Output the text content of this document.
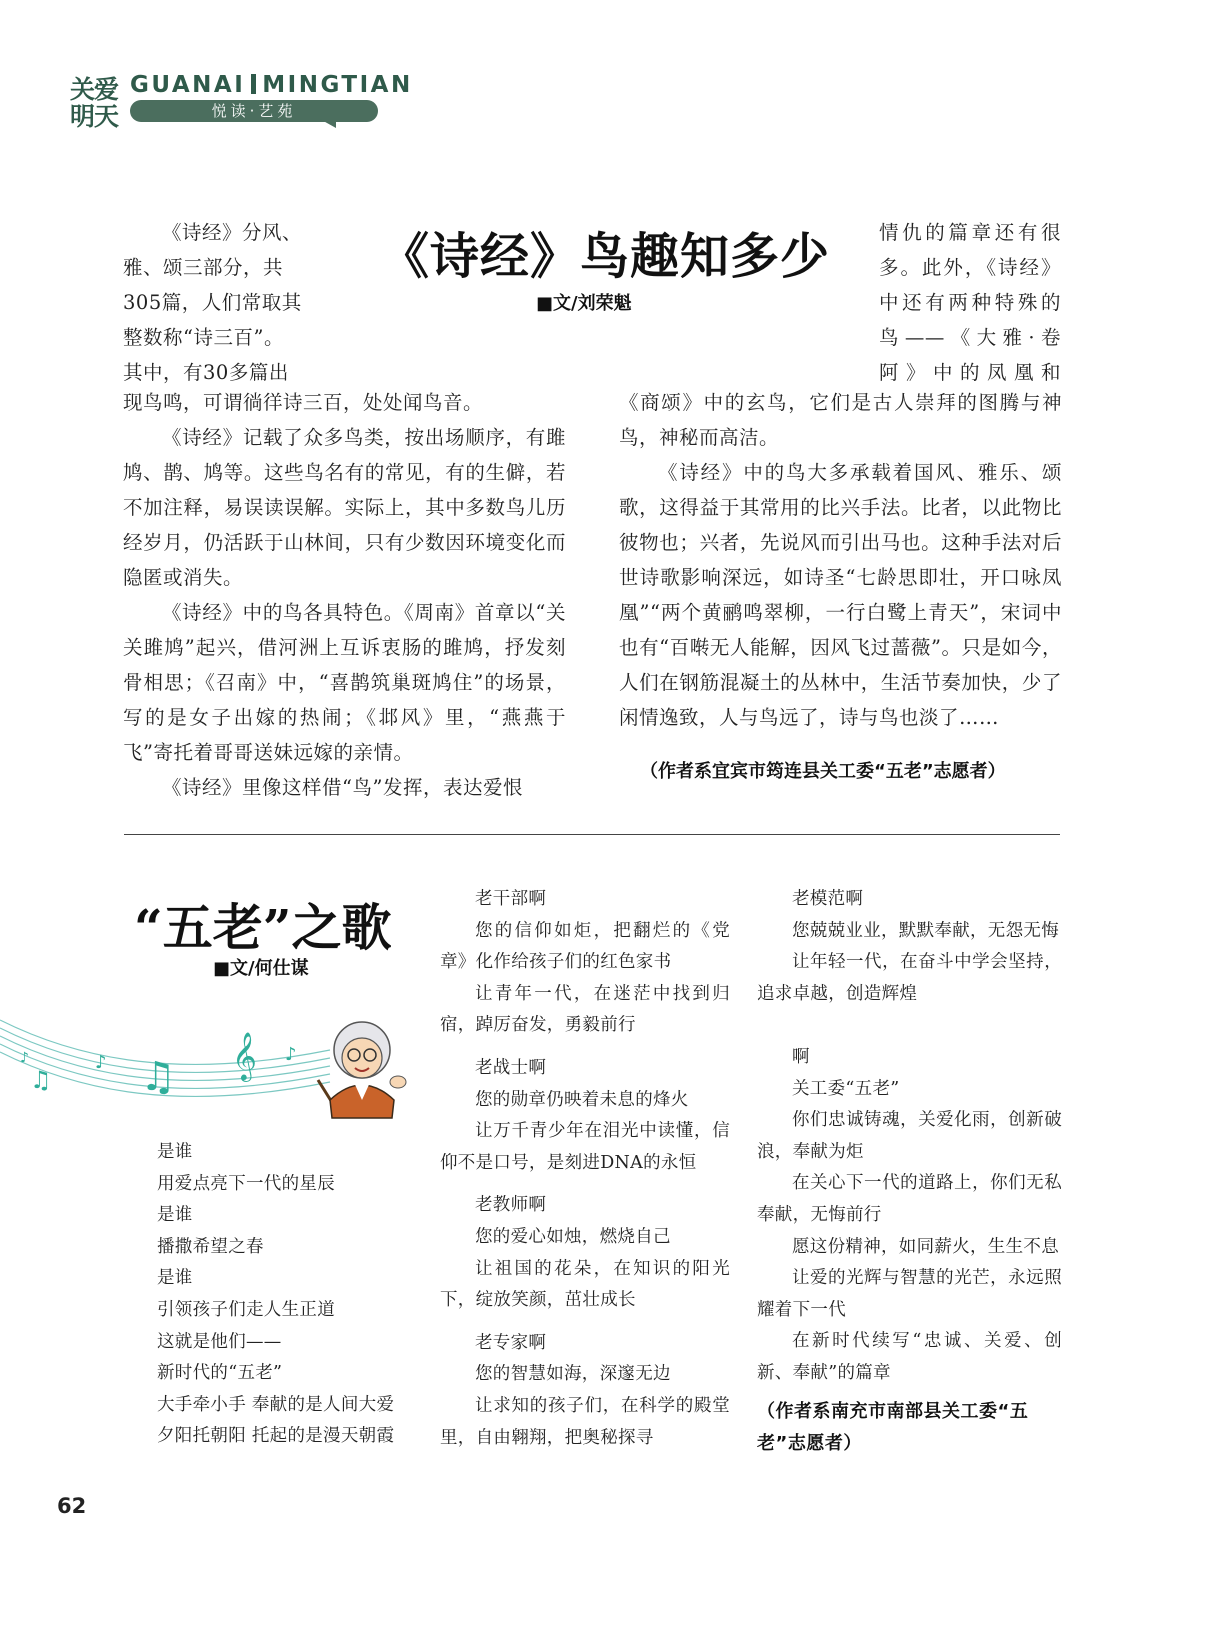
关爱
明天
GUANAI MINGTIAN
悦读·艺苑
《诗经》鸟趣知多少
■文/刘荣魁
《诗经》分风、
雅、颂三部分，共
305篇，人们常取其
整数称“诗三百”。
其中，有30多篇出
现鸟鸣，可谓徜徉诗三百，处处闻鸟音。
《诗经》记载了众多鸟类，按出场顺序，有雎鸠、鹊、鸠等。这些鸟名有的常见，有的生僻，若不加注释，易误读误解。实际上，其中多数鸟儿历经岁月，仍活跃于山林间，只有少数因环境变化而隐匿或消失。
《诗经》中的鸟各具特色。《周南》首章以“关关雎鸠”起兴，借河洲上互诉衷肠的雎鸠，抒发刻骨相思；《召南》中，“喜鹊筑巢斑鸠住”的场景，写的是女子出嫁的热闹；《邶风》里，“燕燕于飞”寄托着哥哥送妹远嫁的亲情。
《诗经》里像这样借“鸟”发挥，表达爱恨
情仇的篇章还有很
多。此外，《诗经》
中还有两种特殊的
鸟——《大雅·卷
阿》中的凤凰和
《商颂》中的玄鸟，它们是古人崇拜的图腾与神鸟，神秘而高洁。
《诗经》中的鸟大多承载着国风、雅乐、颂歌，这得益于其常用的比兴手法。比者，以此物比彼物也；兴者，先说风而引出马也。这种手法对后世诗歌影响深远，如诗圣“七龄思即壮，开口咏凤凰”“两个黄鹂鸣翠柳，一行白鹭上青天”，宋词中也有“百啭无人能解，因风飞过蔷薇”。只是如今，人们在钢筋混凝土的丛林中，生活节奏加快，少了闲情逸致，人与鸟远了，诗与鸟也淡了……
（作者系宜宾市筠连县关工委“五老”志愿者）
“五老”之歌
■文/何仕谋
♫
♪	♪ ♫ 𝄞 ♪
是谁
用爱点亮下一代的星辰
是谁
播撒希望之春
是谁
引领孩子们走人生正道
这就是他们——
新时代的“五老”
大手牵小手 奉献的是人间大爱
夕阳托朝阳 托起的是漫天朝霞
老干部啊
您的信仰如炬，把翻烂的《党章》化作给孩子们的红色家书
让青年一代，在迷茫中找到归宿，踔厉奋发，勇毅前行
老战士啊
您的勋章仍映着未息的烽火
让万千青少年在泪光中读懂，信仰不是口号，是刻进DNA的永恒
老教师啊
您的爱心如烛，燃烧自己
让祖国的花朵，在知识的阳光下，绽放笑颜，茁壮成长
老专家啊
您的智慧如海，深邃无边
让求知的孩子们，在科学的殿堂里，自由翱翔，把奥秘探寻
老模范啊
您兢兢业业，默默奉献，无怨无悔
让年轻一代，在奋斗中学会坚持，追求卓越，创造辉煌
啊
关工委“五老”
你们忠诚铸魂，关爱化雨，创新破浪，奉献为炬
在关心下一代的道路上，你们无私奉献，无悔前行
愿这份精神，如同薪火，生生不息
让爱的光辉与智慧的光芒，永远照耀着下一代
在新时代续写“忠诚、关爱、创新、奉献”的篇章
（作者系南充市南部县关工委“五老”志愿者）
62
